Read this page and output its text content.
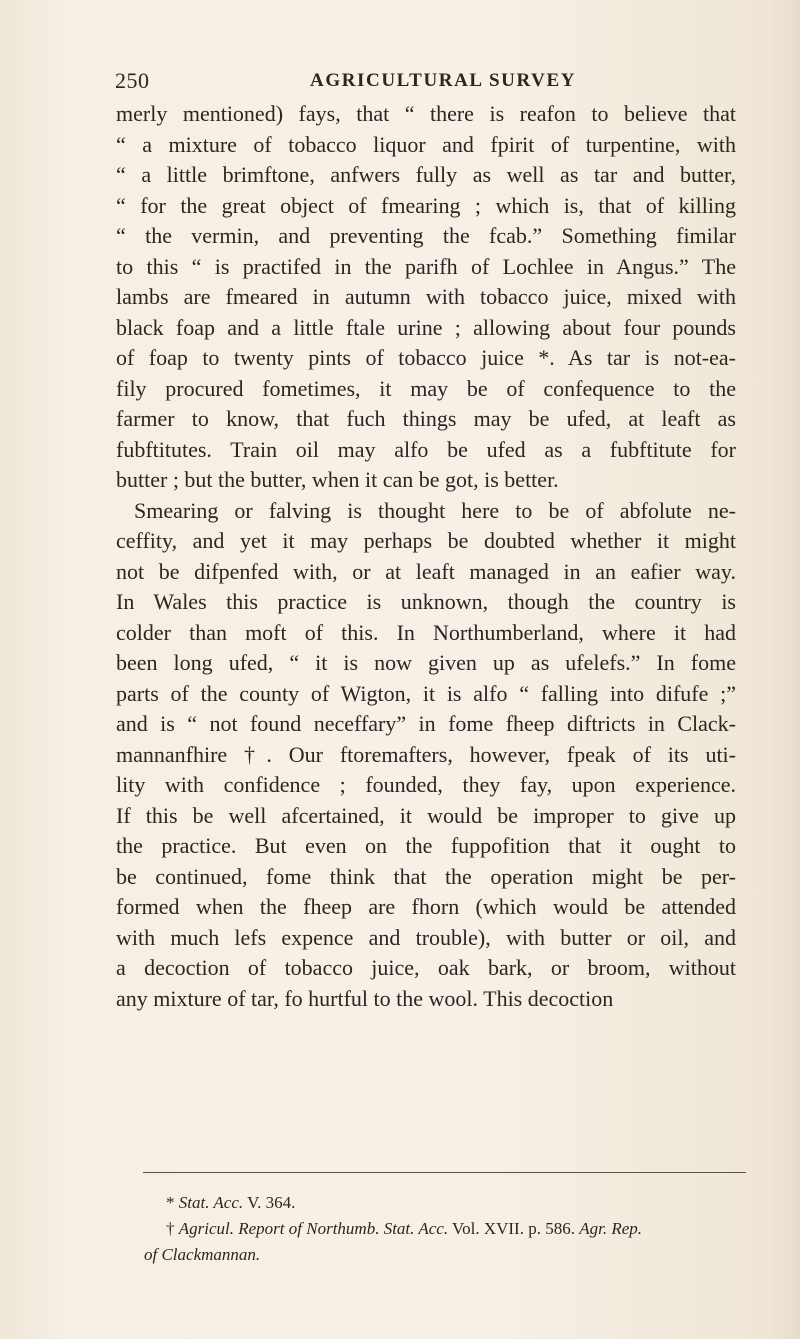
250	AGRICULTURAL SURVEY
merly mentioned) fays, that “ there is reafon to believe that
“ a mixture of tobacco liquor and fpirit of turpentine, with
“ a little brimftone, anfwers fully as well as tar and butter,
“ for the great object of fmearing ; which is, that of killing
“ the vermin, and preventing the fcab.” Something fimilar
to this “ is practifed in the parifh of Lochlee in Angus.” The
lambs are fmeared in autumn with tobacco juice, mixed with
black foap and a little ftale urine ; allowing about four pounds
of foap to twenty pints of tobacco juice *. As tar is not-ea-
fily procured fometimes, it may be of confequence to the
farmer to know, that fuch things may be ufed, at leaft as
fubftitutes. Train oil may alfo be ufed as a fubftitute for
butter ; but the butter, when it can be got, is better.
Smearing or falving is thought here to be of abfolute ne-
ceffity, and yet it may perhaps be doubted whether it might
not be difpenfed with, or at leaft managed in an eafier way.
In Wales this practice is unknown, though the country is
colder than moft of this. In Northumberland, where it had
been long ufed, “ it is now given up as ufelefs.” In fome
parts of the county of Wigton, it is alfo “ falling into difufe ;”
and is “ not found neceffary” in fome fheep diftricts in Clack-
mannanfhire †. Our ftoremafters, however, fpeak of its uti-
lity with confidence ; founded, they fay, upon experience.
If this be well afcertained, it would be improper to give up
the practice. But even on the fuppofition that it ought to
be continued, fome think that the operation might be per-
formed when the fheep are fhorn (which would be attended
with much lefs expence and trouble), with butter or oil, and
a decoction of tobacco juice, oak bark, or broom, without
any mixture of tar, fo hurtful to the wool. This decoction
* Stat. Acc. V. 364.
† Agricul. Report of Northumb. Stat. Acc. Vol. XVII. p. 586. Agr. Rep.
of Clackmannan.
